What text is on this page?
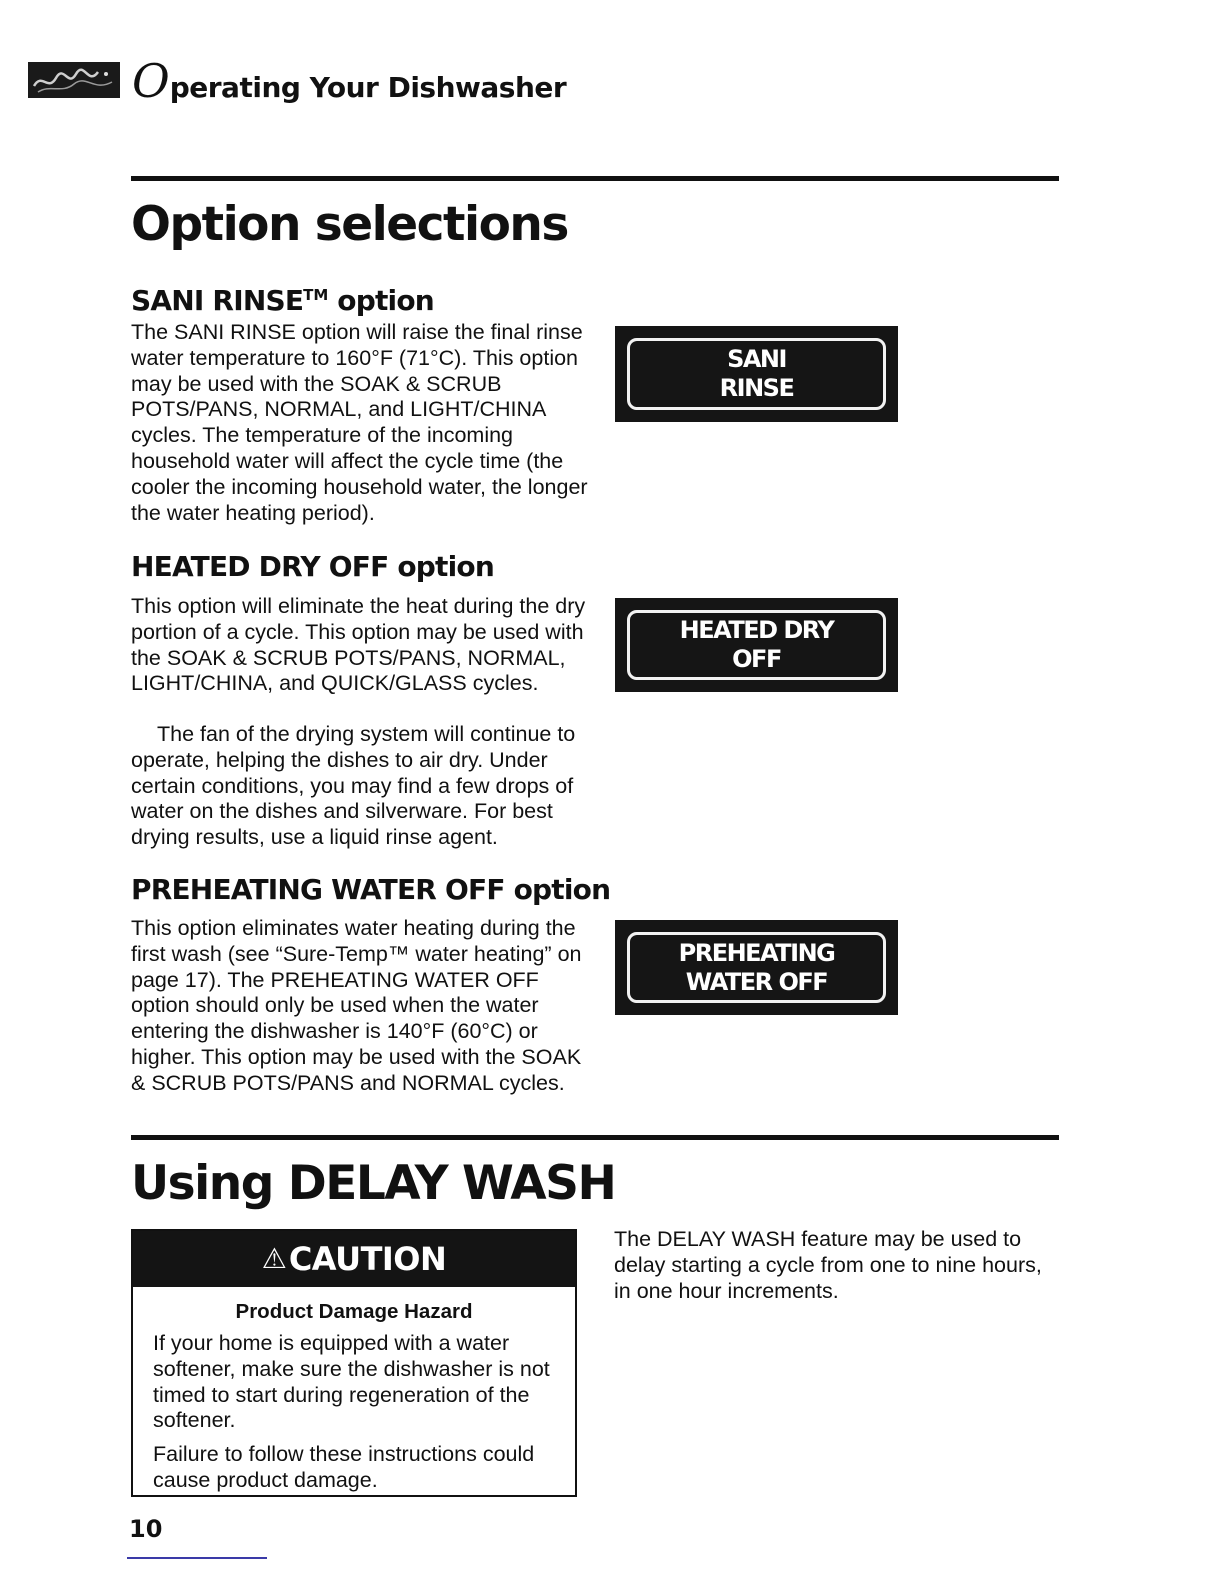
Operating Your Dishwasher
Option selections
SANI RINSE™ option

The SANI RINSE option will raise the final rinse water temperature to 160°F (71°C). This option may be used with the SOAK & SCRUB POTS/PANS, NORMAL, and LIGHT/CHINA cycles. The temperature of the incoming household water will affect the cycle time (the cooler the incoming household water, the longer the water heating period).

SANI
RINSE
HEATED DRY OFF option

This option will eliminate the heat during the dry portion of a cycle. This option may be used with the SOAK & SCRUB POTS/PANS, NORMAL, LIGHT/CHINA, and QUICK/GLASS cycles.

The fan of the drying system will continue to operate, helping the dishes to air dry. Under certain conditions, you may find a few drops of water on the dishes and silverware. For best drying results, use a liquid rinse agent.

HEATED DRY
OFF
PREHEATING WATER OFF option

This option eliminates water heating during the first wash (see “Sure-Temp™ water heating” on page 17). The PREHEATING WATER OFF option should only be used when the water entering the dishwasher is 140°F (60°C) or higher. This option may be used with the SOAK & SCRUB POTS/PANS and NORMAL cycles.

PREHEATING
WATER OFF
Using DELAY WASH
⚠ CAUTION
Product Damage Hazard

If your home is equipped with a water softener, make sure the dishwasher is not timed to start during regeneration of the softener.

Failure to follow these instructions could cause product damage.

The DELAY WASH feature may be used to delay starting a cycle from one to nine hours, in one hour increments.

10
